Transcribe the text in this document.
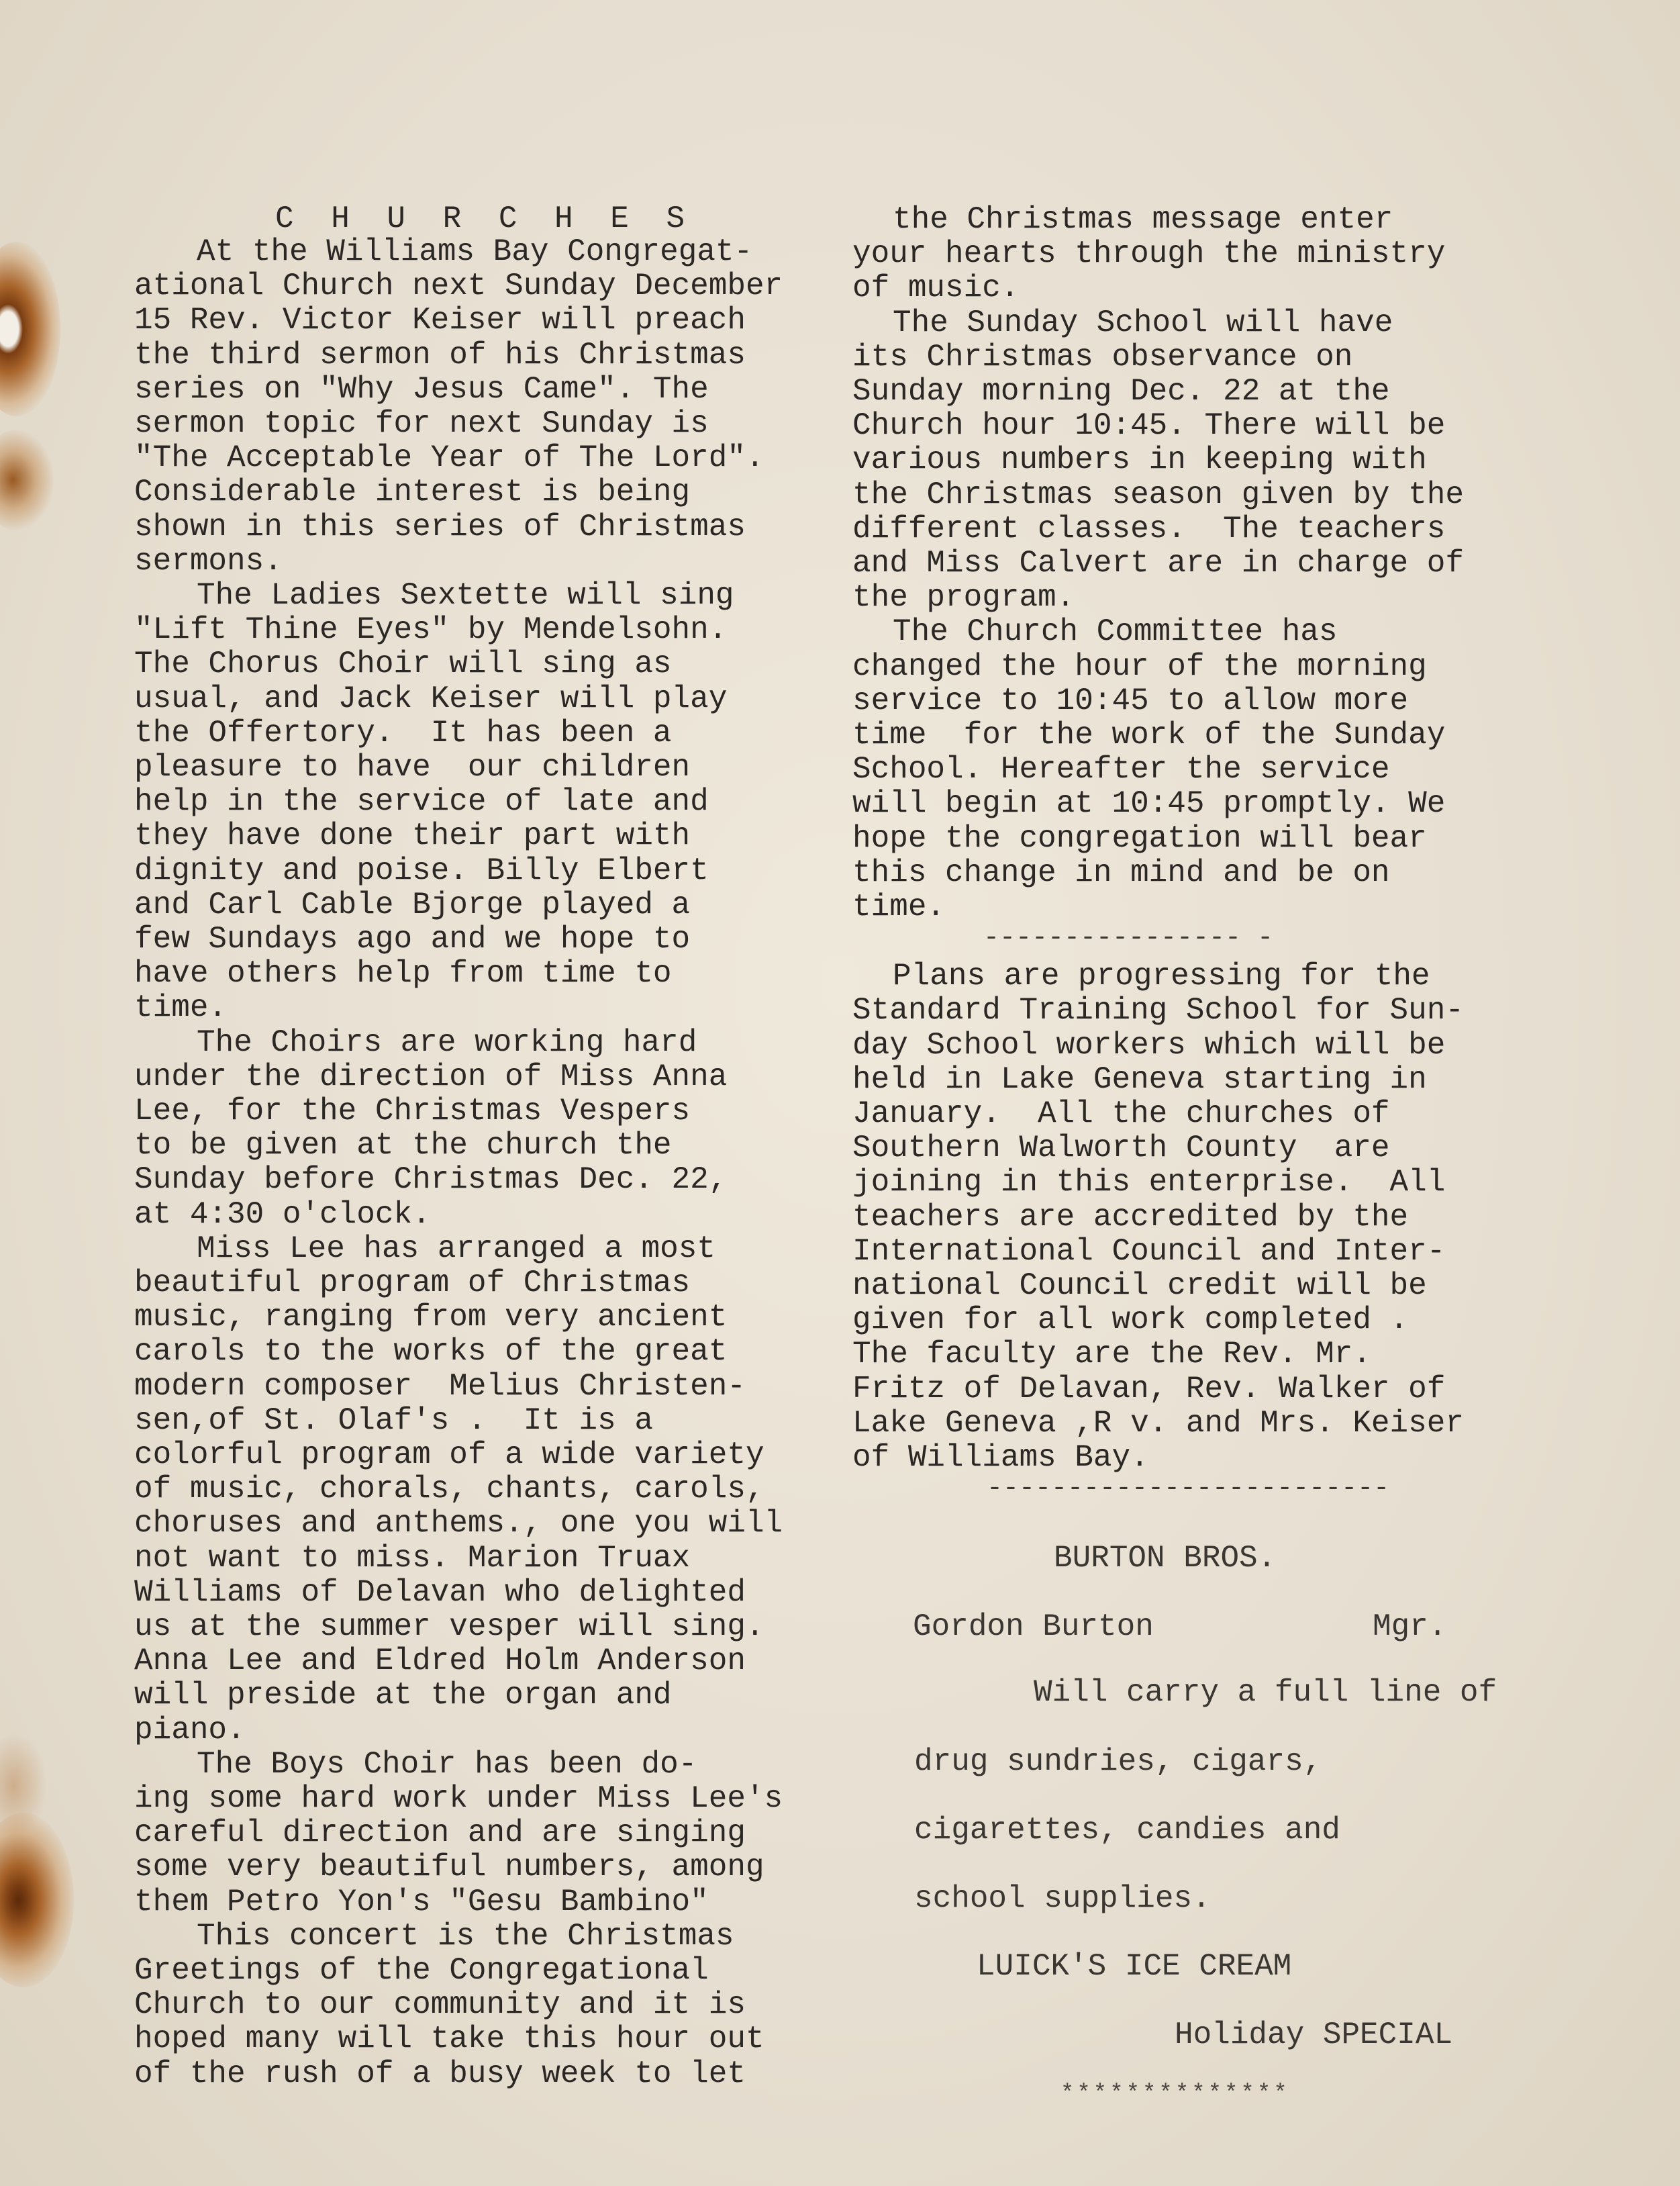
C H U R C H E S
At the Williams Bay Congregat-
ational Church next Sunday December
15 Rev. Victor Keiser will preach
the third sermon of his Christmas
series on "Why Jesus Came". The
sermon topic for next Sunday is
"The Acceptable Year of The Lord".
Considerable interest is being
shown in this series of Christmas
sermons.
The Ladies Sextette will sing
"Lift Thine Eyes" by Mendelsohn.
The Chorus Choir will sing as
usual, and Jack Keiser will play
the Offertory.  It has been a
pleasure to have  our children
help in the service of late and
they have done their part with
dignity and poise. Billy Elbert
and Carl Cable Bjorge played a
few Sundays ago and we hope to
have others help from time to
time.
The Choirs are working hard
under the direction of Miss Anna
Lee, for the Christmas Vespers
to be given at the church the
Sunday before Christmas Dec. 22,
at 4:30 o'clock.
Miss Lee has arranged a most
beautiful program of Christmas
music, ranging from very ancient
carols to the works of the great
modern composer  Melius Christen-
sen,of St. Olaf's .  It is a
colorful program of a wide variety
of music, chorals, chants, carols,
choruses and anthems., one you will
not want to miss. Marion Truax
Williams of Delavan who delighted
us at the summer vesper will sing.
Anna Lee and Eldred Holm Anderson
will preside at the organ and
piano.
The Boys Choir has been do-
ing some hard work under Miss Lee's
careful direction and are singing
some very beautiful numbers, among
them Petro Yon's "Gesu Bambino"
This concert is the Christmas
Greetings of the Congregational
Church to our community and it is
hoped many will take this hour out
of the rush of a busy week to let
the Christmas message enter
your hearts through the ministry
of music.
The Sunday School will have
its Christmas observance on
Sunday morning Dec. 22 at the
Church hour 10:45. There will be
various numbers in keeping with
the Christmas season given by the
different classes.  The teachers
and Miss Calvert are in charge of
the program.
The Church Committee has
changed the hour of the morning
service to 10:45 to allow more
time  for the work of the Sunday
School. Hereafter the service
will begin at 10:45 promptly. We
hope the congregation will bear
this change in mind and be on
time.
Plans are progressing for the
Standard Training School for Sun-
day School workers which will be
held in Lake Geneva starting in
January.  All the churches of
Southern Walworth County  are
joining in this enterprise.  All
teachers are accredited by the
International Council and Inter-
national Council credit will be
given for all work completed .
The faculty are the Rev. Mr.
Fritz of Delavan, Rev. Walker of
Lake Geneva ,R v. and Mrs. Keiser
of Williams Bay.
---------------- -
-------------------------
BURTON BROS.
Gordon Burton	Mgr.
Will carry a full line of
drug sundries, cigars,
cigarettes, candies and
school supplies.
LUICK'S ICE CREAM
Holiday SPECIAL
**************
